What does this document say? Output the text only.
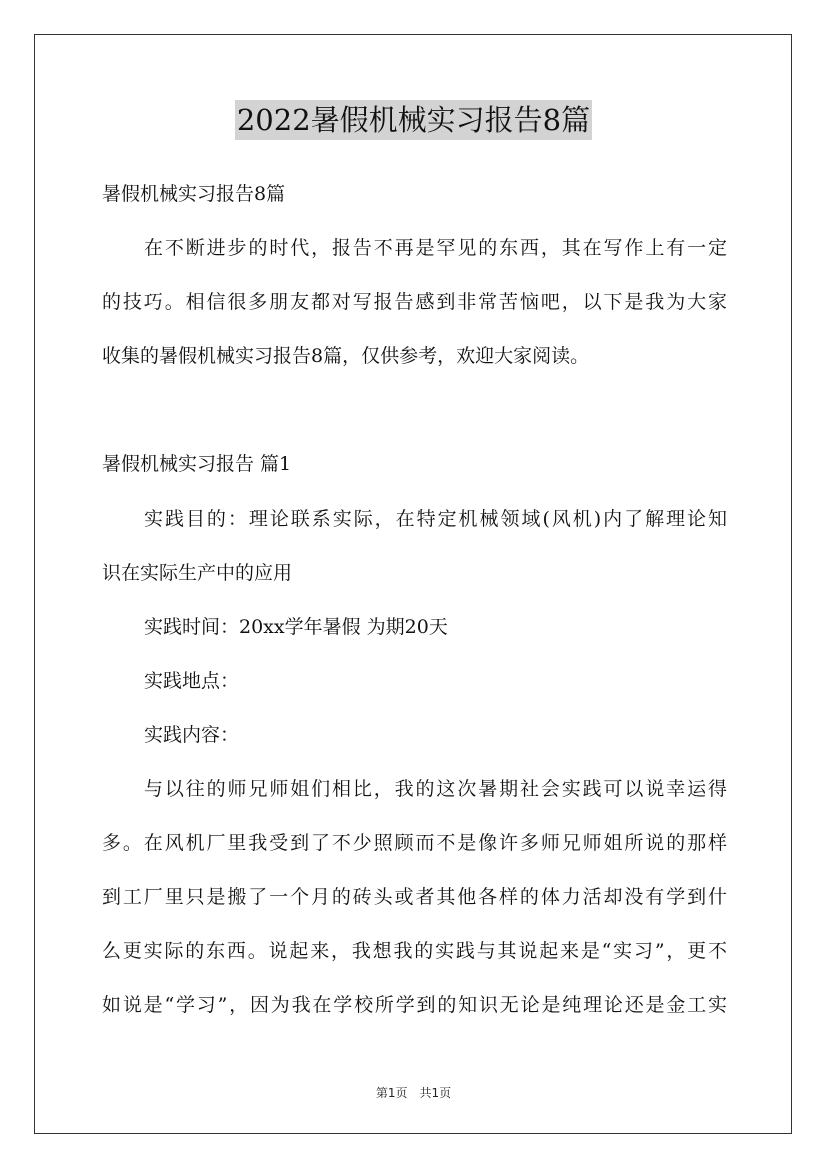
2022暑假机械实习报告8篇
暑假机械实习报告8篇
在不断进步的时代，报告不再是罕见的东西，其在写作上有一定
的技巧。相信很多朋友都对写报告感到非常苦恼吧，以下是我为大家
收集的暑假机械实习报告8篇，仅供参考，欢迎大家阅读。
暑假机械实习报告 篇1
实践目的：理论联系实际，在特定机械领域(风机)内了解理论知
识在实际生产中的应用
实践时间：20xx学年暑假 为期20天
实践地点：
实践内容：
与以往的师兄师姐们相比，我的这次暑期社会实践可以说幸运得
多。在风机厂里我受到了不少照顾而不是像许多师兄师姐所说的那样
到工厂里只是搬了一个月的砖头或者其他各样的体力活却没有学到什
么更实际的东西。说起来，我想我的实践与其说起来是“实习”，更不
如说是“学习”，因为我在学校所学到的知识无论是纯理论还是金工实
第1页　共1页
